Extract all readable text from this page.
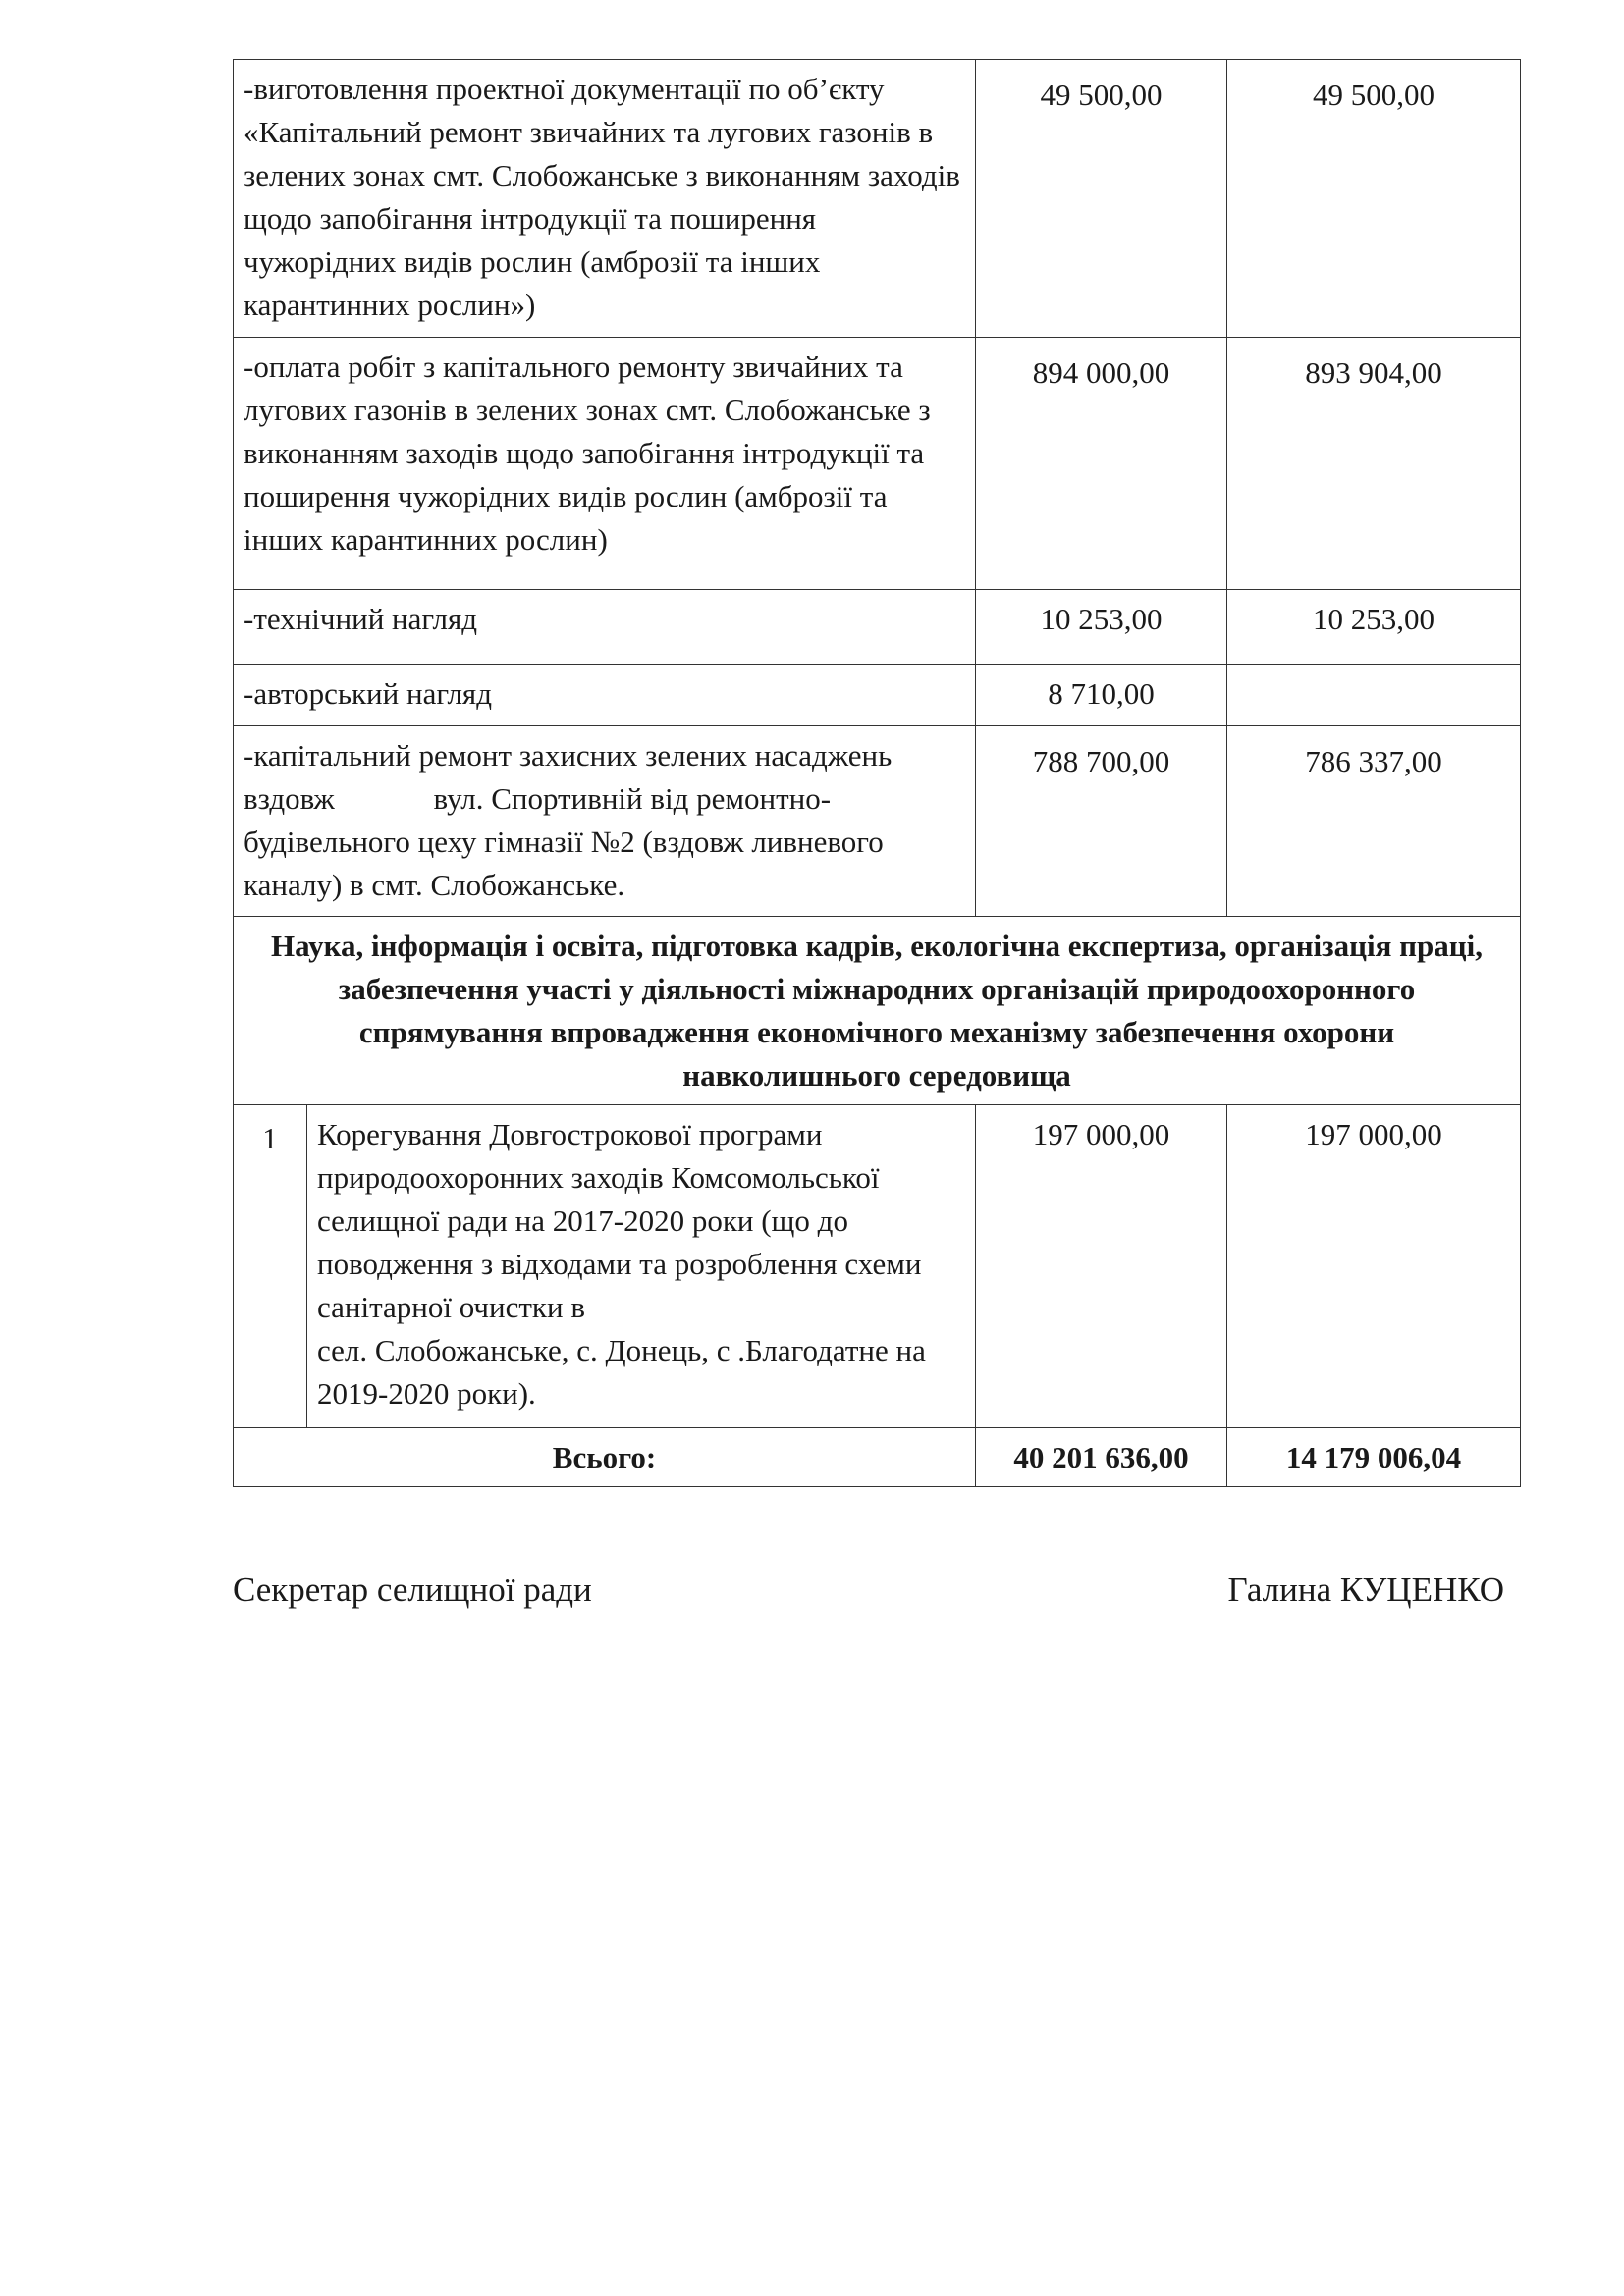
-виготовлення проектної документації по об’єкту «Капітальний ремонт звичайних та лугових газонів в зелених зонах смт. Слобожанське з виконанням заходів щодо запобігання інтродукції та поширення чужорідних видів рослин (амброзії та інших карантинних рослин»)		49 500,00	49 500,00

-оплата робіт з капітального ремонту звичайних та лугових газонів в зелених зонах смт. Слобожанське з виконанням заходів щодо запобігання інтродукції та поширення чужорідних видів рослин (амброзії та інших карантинних рослин)		894 000,00	893 904,00

-технічний нагляд		10 253,00	10 253,00
-авторський нагляд		8 710,00	
-капітальний ремонт захисних зелених насаджень вздовж             вул. Спортивній від ремонтно-будівельного цеху гімназії №2 (вздовж ливневого каналу) в смт. Слобожанське.		788 700,00	786 337,00

Наука, інформація і освіта, підготовка кадрів, екологічна експертиза, організація праці, забезпечення участі у діяльності міжнародних організацій природоохоронного спрямування впровадження економічного механізму забезпечення охорони навколишнього середовища			
1	Корегування Довгострокової програми природоохоронних заходів Комсомольської селищної ради на 2017-2020 роки (що до поводження з відходами та розроблення схеми санітарної очистки в
сел. Слобожанське, с. Донець, с .Благодатне на              2019-2020 роки).	197 000,00	197 000,00
Всього:		40 201 636,00	14 179 006,04
Секретар селищної ради	Галина КУЦЕНКО
